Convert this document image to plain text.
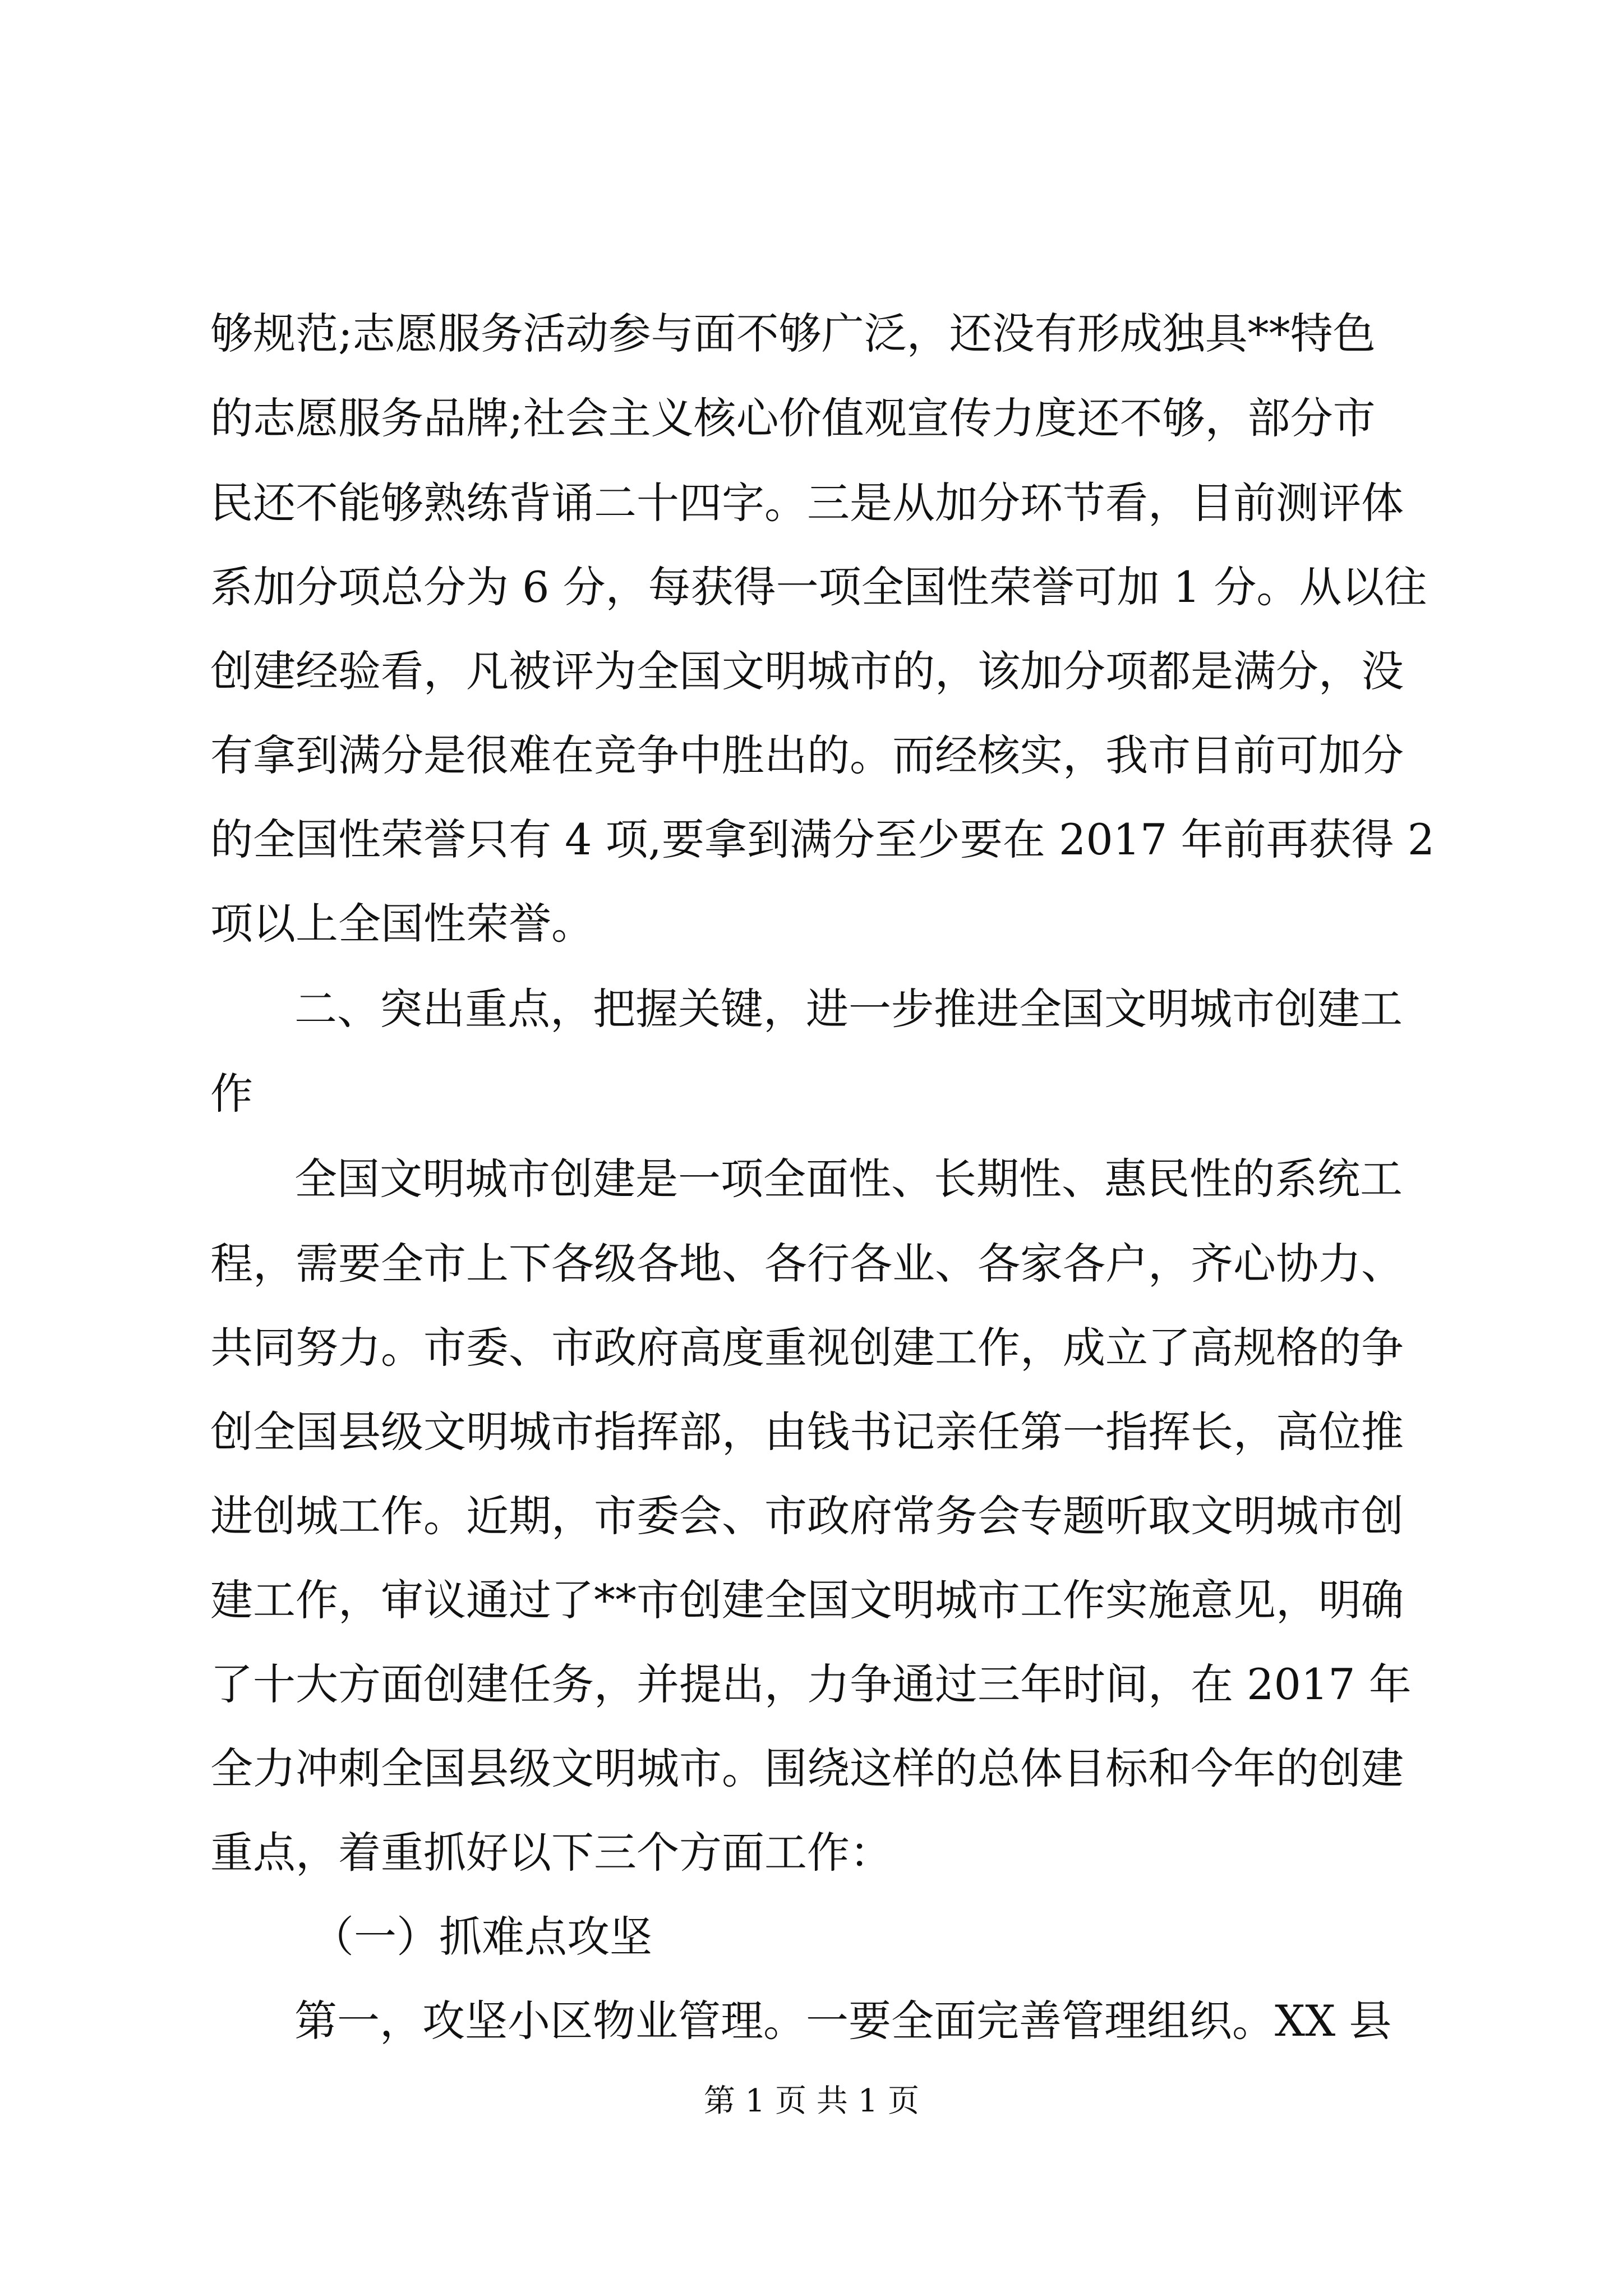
够规范;志愿服务活动参与面不够广泛，还没有形成独具**特色
的志愿服务品牌;社会主义核心价值观宣传力度还不够，部分市
民还不能够熟练背诵二十四字。三是从加分环节看，目前测评体
系加分项总分为 6 分，每获得一项全国性荣誉可加 1 分。从以往
创建经验看，凡被评为全国文明城市的，该加分项都是满分，没
有拿到满分是很难在竞争中胜出的。而经核实，我市目前可加分
的全国性荣誉只有 4 项,要拿到满分至少要在 2017 年前再获得 2
项以上全国性荣誉。
二、突出重点，把握关键，进一步推进全国文明城市创建工
作
全国文明城市创建是一项全面性、长期性、惠民性的系统工
程，需要全市上下各级各地、各行各业、各家各户，齐心协力、
共同努力。市委、市政府高度重视创建工作，成立了高规格的争
创全国县级文明城市指挥部，由钱书记亲任第一指挥长，高位推
进创城工作。近期，市委会、市政府常务会专题听取文明城市创
建工作，审议通过了**市创建全国文明城市工作实施意见，明确
了十大方面创建任务，并提出，力争通过三年时间，在 2017 年
全力冲刺全国县级文明城市。围绕这样的总体目标和今年的创建
重点，着重抓好以下三个方面工作：
（一）抓难点攻坚
第一，攻坚小区物业管理。一要全面完善管理组织。XX 县
第 1 页 共 1 页
